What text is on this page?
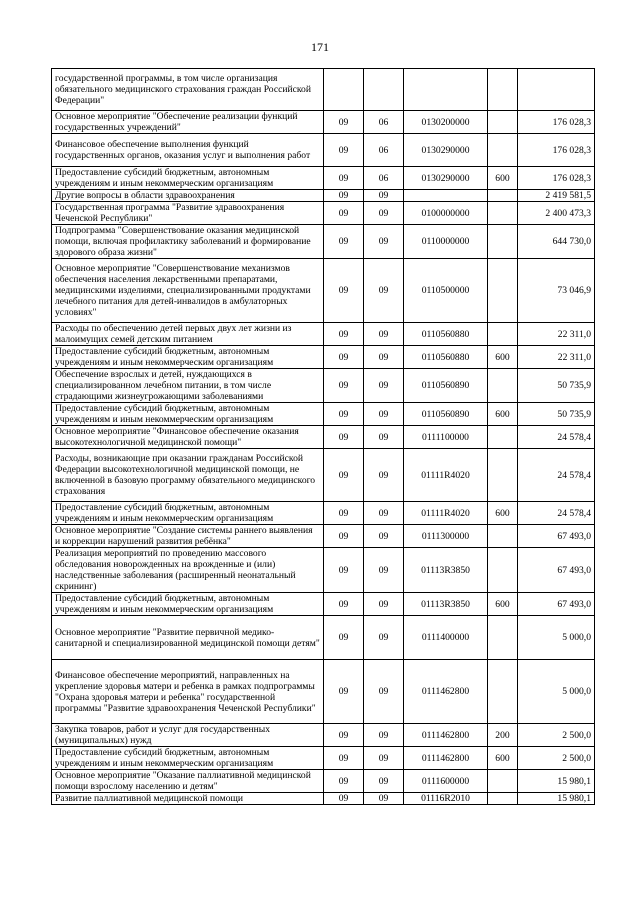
171
государственной программы, в том числе организация обязательного медицинского страхования граждан Российской Федерации"					
Основное мероприятие "Обеспечение реализации функций государственных учреждений"	09	06	0130200000		176 028,3
Финансовое обеспечение выполнения функций государственных органов, оказания услуг и выполнения работ	09	06	0130290000		176 028,3
Предоставление субсидий бюджетным, автономным учреждениям и иным некоммерческим организациям	09	06	0130290000	600	176 028,3
Другие вопросы в области здравоохранения	09	09			2 419 581,5
Государственная программа "Развитие здравоохранения Чеченской Республики"	09	09	0100000000		2 400 473,3
Подпрограмма "Совершенствование оказания медицинской помощи, включая профилактику заболеваний и формирование здорового образа жизни"	09	09	0110000000		644 730,0
Основное мероприятие "Совершенствование механизмов обеспечения населения лекарственными препаратами, медицинскими изделиями, специализированными продуктами лечебного питания для детей-инвалидов в амбулаторных условиях"	09	09	0110500000		73 046,9
Расходы по обеспечению детей первых двух лет жизни из малоимущих семей детским питанием	09	09	0110560880		22 311,0
Предоставление субсидий бюджетным, автономным учреждениям и иным некоммерческим организациям	09	09	0110560880	600	22 311,0
Обеспечение взрослых и детей, нуждающихся в специализированном лечебном питании, в том числе страдающими жизнеугрожающими заболеваниями	09	09	0110560890		50 735,9
Предоставление субсидий бюджетным, автономным учреждениям и иным некоммерческим организациям	09	09	0110560890	600	50 735,9
Основное мероприятие "Финансовое обеспечение оказания высокотехнологичной медицинской помощи"	09	09	0111100000		24 578,4
Расходы, возникающие при оказании гражданам Российской Федерации высокотехнологичной медицинской помощи, не включенной в базовую программу обязательного медицинского страхования	09	09	01111R4020		24 578,4
Предоставление субсидий бюджетным, автономным учреждениям и иным некоммерческим организациям	09	09	01111R4020	600	24 578,4
Основное мероприятие "Создание системы раннего выявления и коррекции нарушений развития ребёнка"	09	09	0111300000		67 493,0
Реализация мероприятий по проведению массового обследования новорожденных на врожденные и (или) наследственные заболевания (расширенный неонатальный скрининг)	09	09	01113R3850		67 493,0
Предоставление субсидий бюджетным, автономным учреждениям и иным некоммерческим организациям	09	09	01113R3850	600	67 493,0
Основное мероприятие "Развитие первичной медико-санитарной и специализированной медицинской помощи детям"	09	09	0111400000		5 000,0
Финансовое обеспечение мероприятий, направленных на укрепление здоровья матери и ребенка в рамках подпрограммы "Охрана здоровья матери и ребенка" государственной программы "Развитие здравоохранения Чеченской Республики"	09	09	0111462800		5 000,0
Закупка товаров, работ и услуг для государственных (муниципальных) нужд	09	09	0111462800	200	2 500,0
Предоставление субсидий бюджетным, автономным учреждениям и иным некоммерческим организациям	09	09	0111462800	600	2 500,0
Основное мероприятие "Оказание паллиативной медицинской помощи взрослому населению и детям"	09	09	0111600000		15 980,1
Развитие паллиативной медицинской помощи	09	09	01116R2010		15 980,1
